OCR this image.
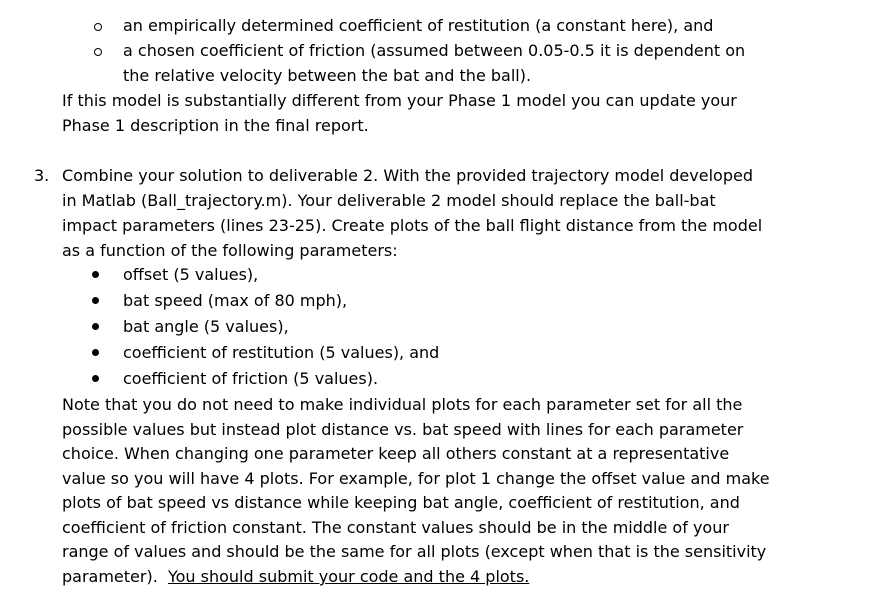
an empirically determined coefficient of restitution (a constant here), and
a chosen coefficient of friction (assumed between 0.05-0.5 it is dependent on
the relative velocity between the bat and the ball).
If this model is substantially different from your Phase 1 model you can update your
Phase 1 description in the final report.
3. Combine your solution to deliverable 2. With the provided trajectory model developed
in Matlab (Ball_trajectory.m). Your deliverable 2 model should replace the ball-bat
impact parameters (lines 23-25). Create plots of the ball flight distance from the model
as a function of the following parameters:
offset (5 values),
bat speed (max of 80 mph),
bat angle (5 values),
coefficient of restitution (5 values), and
coefficient of friction (5 values).
Note that you do not need to make individual plots for each parameter set for all the
possible values but instead plot distance vs. bat speed with lines for each parameter
choice. When changing one parameter keep all others constant at a representative
value so you will have 4 plots. For example, for plot 1 change the offset value and make
plots of bat speed vs distance while keeping bat angle, coefficient of restitution, and
coefficient of friction constant. The constant values should be in the middle of your
range of values and should be the same for all plots (except when that is the sensitivity
parameter). You should submit your code and the 4 plots.
